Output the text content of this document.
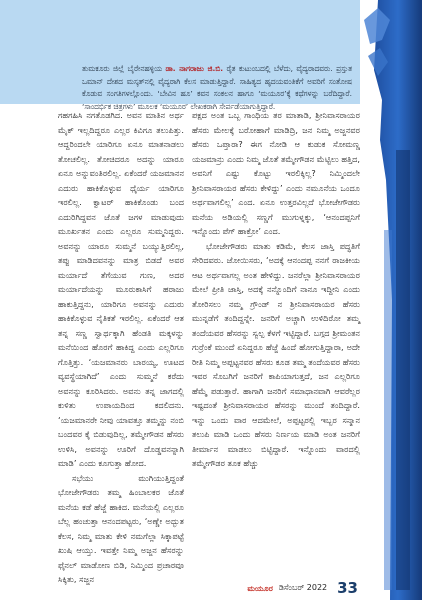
ತುಮಕೂರು ಜಿಲ್ಲೆ ಬೈರೇನಹಳ್ಳಿಯ ಡಾ. ನಾಗರಾಜು ಜಿ.ಬಿ. ರೈತ ಕುಟುಂಬದಲ್ಲಿ ಬೆಳೆದು, ವೈದ್ಯರಾದವರು. ಪ್ರಸ್ತುತ ಒಮಾನ್ ದೇಶದ ಮಸ್ಕತ್‌ನಲ್ಲಿ ವೈದ್ಯರಾಗಿ ಕೆಲಸ ಮಾಡುತ್ತಿದ್ದಾರೆ. ಸಾಹಿತ್ಯದ ಹೃದಯವಂತಿಕೆಗೆ ಅವರಿಗೆ ಸಂತೋಷ ಕೊಡುವ ಸಂಗತಿಗಳಲ್ಲೊಂದು. ‘ಬೇವಿನ ಹೂ’ ಕವನ ಸಂಕಲನ ಹಾಗೂ ‘ಮಯೂರ’ಕ್ಕೆ ಕಥೆಗಳನ್ನು ಬರೆದಿದ್ದಾರೆ. ‘ಸಾಂದರ್ಭಿಕ ಚಿತ್ರಗಳು’ ಮೂಲಕ ‘ಮಯೂರ’ ಲೇಖಕರಾಗಿ ಸೇರ್ಪಡೆಯಾಗುತ್ತಿದ್ದಾರೆ.

ಗಹಗಹಿಸಿ ನಗತೊಡಗಿದ. ಅವನ ಮಾತಿನ ಅರ್ಥ ಮೈಕ್ ಇಲ್ಲದಿದ್ದರೂ ಎಲ್ಲರ ಕಿವಿಗೂ ತಲುಪಿತ್ತು. ಆದ್ದರಿಂದಲೇ ಯಾರಿಗೂ ಏನೂ ಮಾತನಾಡಲು ತೋಚಲಿಲ್ಲ. ತೋಚಿದರೂ ಅದನ್ನು ಯಾರೂ ಏನೂ ಅನ್ನುವಂತಿರಲಿಲ್ಲ. ಏಕೆಂದರೆ ಯಜಮಾನನ ಎದುರು ಹಾಕಿಕೊಳ್ಳುವ ಧೈರ್ಯ ಯಾರಿಗೂ ಇರಲಿಲ್ಲ. ಕ್ವಾಟರ್ ಹಾಕಿಕೊಂಡು ಬಂದ ಎದುರಿಗಿದ್ದವನ ಜೊತೆ ಜಗಳ ಮಾಡುವುದು ಮೂರ್ಖತನ ಎಂದು ಎಲ್ಲರೂ ಸುಮ್ಮನಿದ್ದರು. ಅವನನ್ನು ಯಾರೂ ಸುಮ್ಮನೆ ಬಯ್ಯುತ್ತಿರಲಿಲ್ಲ, ತಪ್ಪು ಮಾಡಿದವನನ್ನು ಮಾತ್ರ ಬಿಡದೆ ಅವರ ಮರ್ಯಾದೆ ತೆಗೆಯುವ ಗುಣ, ಅದರ ಮರ್ಯಾದೆಯನ್ನು ಮೂರುಕಾಸಿಗೆ ಹರಾಜು ಹಾಕುತ್ತಿದ್ದನು, ಯಾರಿಗೂ ಅವನನ್ನು ಎದುರು ಹಾಕಿಕೊಳ್ಳುವ ನೈತಿಕತೆ ಇರಲಿಲ್ಲ. ಏಕೆಂದರೆ ಆತ ತನ್ನ ಸಣ್ಣ ಸ್ವಾರ್ಥಕ್ಕಾಗಿ ಹೆಂಡತಿ ಮಕ್ಕಳನ್ನು ಮನೆಯಿಂದ ಹೊರಗೆ ಹಾಕಿದ್ದ ಎಂದು ಎಲ್ಲರಿಗೂ ಗೊತ್ತಿತ್ತು. ‘ಯಜಮಾನರು ಬಾರಯ್ಯ, ಊಟದ ವ್ಯವಸ್ಥೆಯಾಗಿದೆ’ ಎಂದು ಸುಮ್ಮನೆ ಕರೆದು ಅವನನ್ನು ಕೂರಿಸಿದರು. ಅವನು ತನ್ನ ಜಾಗದಲ್ಲಿ ಕುಳಿತು ಉಪಾಯದಿಂದ ಕದಲಿದನು. ‘ಯಜಮಾನರೇ ನೀವು ಯಾವತ್ತೂ ತಮ್ಮನ್ನು ನಂಬಿ ಬಂದವರ ಕೈ ಬಿಡುವುದಿಲ್ಲ, ತಮ್ಮೇಗೌಡನ ಹೆಸರು ಉಳಿಸಿ, ಅವನನ್ನು ಊರಿಗೆ ದೊಡ್ಡವನನ್ನಾಗಿ ಮಾಡಿ’ ಎಂದು ಕೂಗುತ್ತಾ ಹೋದ.

ಸಭೆಯು ಮುಗಿಯುತ್ತಿದ್ದಂತೆ ಭೋಜೇಗೌಡರು ತಮ್ಮ ಹಿಂಬಾಲಕರ ಜೊತೆ ಮನೆಯ ಕಡೆ ಹೆಜ್ಜೆ ಹಾಕಿದ. ಮನೆಯಲ್ಲಿ ಎಲ್ಲರೂ ಬೆಲ್ಲ ಹಂಚುತ್ತಾ ಆನಂದಪಟ್ಟರು, ‘ಅಣ್ಣೇ ಅದ್ಭುತ ಕೆಲಸ, ನಿಮ್ಮ ಮಾತು ಕೇಳಿ ನಮಗೆಲ್ಲಾ ಸಿಕ್ಕಾಪಟ್ಟೆ ಖುಷಿ ಆಯ್ತು. ಇವತ್ತೇ ನಿಮ್ಮ ಅಜ್ಜನ ಹೆಸರನ್ನು ಫೈನಲ್ ಮಾಡೋಣ ಬಿಡಿ, ನಿಮ್ಮಿಂದ ಪ್ರಚಾರವೂ ಸಿಕ್ಕಿತು, ಸಜ್ಜನ

ಪಕ್ಷದ ಅಂತ ಒಬ್ಬ ಗಾಂಧಿಯ ತರ ಮಾತಾಡಿ, ಶ್ರೀನಿವಾಸರಾಯರ ಹೆಸರು ಮೇಲಕ್ಕೆ ಬರೋಹಾಗೆ ಮಾಡಿದ್ರಿ, ಜನ ನಿಮ್ಮ ಅಜ್ಜನವರ ಹೆಸರು ಒಪ್ತಾರಾ? ಈಗ ನೋಡಿ ಆ ಕುಡುಕ ಸೋಮಣ್ಣ ಯಜಮಾನ್ರು ಎಂದು ನಿಮ್ಮ ಜೊತೆ ತಮ್ಮೇಗೌಡನ ಮೆಟ್ಟಿಲು ಹತ್ತಿದ, ಅವನಿಗೆ ಎಷ್ಟು ಕೊಟ್ಟು ಇರಲಿಕ್ಕಿಲ್ಲ? ನಿಮ್ಮಿಂದಲೇ ಶ್ರೀನಿವಾಸರಾಯರ ಹೆಸರು ಕೇಳಿದ್ದು’ ಎಂದು ನಮೂನೆಯ ಒಂದೂ ಅರ್ಥವಾಗಲಿಲ್ಲ’ ಎಂದ. ಏನೂ ಉತ್ತರವಿಲ್ಲದೆ ಭೋಜೇಗೌಡರು ಮನೆಯ ಅಡಿಯಲ್ಲಿ ಸಣ್ಣಗೆ ಮುಗುಳ್ನಕ್ಕು, ‘ಆನಂದಪ್ಪನಿಗೆ ಇನ್ನೊಂದು ಪೆಗ್ ಹಾಕ್ರೋ’ ಎಂದ.

ಭೋಜೇಗೌಡರು ಮಾತು ಕಡಿಮೆ, ಕೆಲಸ ಜಾಸ್ತಿ ಪದ್ಧತಿಗೆ ಸೇರಿದವರು. ಜೋಯಿಸರು, ‘ಅದಕ್ಕೆ ಆನಂದಪ್ಪ ನನಗೆ ರಾಜಕೀಯ ಆಟ ಅರ್ಥವಾಗಲ್ಲ ಅಂತ ಹೇಳಿದ್ದು. ಜನರೆಲ್ಲಾ ಶ್ರೀನಿವಾಸರಾಯರ ಮೇಲೆ ಪ್ರೀತಿ ಜಾಸ್ತಿ, ಅದಕ್ಕೆ ನನ್ನೊಂದಿಗೆ ನಾನೂ ಇದ್ದೀನಿ ಎಂದು ತೋರಿಸಲು ನಮ್ಮ ಗ್ರೌಂಡ್ ನ ಶ್ರೀನಿವಾಸರಾಯರ ಹೆಸರು ಮುನ್ನಡೆಗೆ ತಂದಿದ್ದನ್ನೇ. ಜನರಿಗೆ ಅಚ್ಚಾಗಿ ಉಳಿದಿರೋ ತಮ್ಮ ತಂದೆಯವರ ಹೆಸರನ್ನು ಸ್ವಲ್ಪ ಕೆಳಗೆ ಇಟ್ಟಿದ್ದಾರೆ. ಬಗ್ಗದ ಶ್ರೀಮಂತನ ಗುರ್ರೆಂಕೆ ಮುಂದೆ ಏನಿದ್ದರೂ ಹೆಜ್ಜೆ ಹಿಂದೆ ಹೋಗುತ್ತಿದ್ದಾರಾ, ಅದೇ ರೀತಿ ನಿಮ್ಮ ಅಪ್ಪಟ್ಟನವರ ಹೆಸರು ಕೂಡ ತಮ್ಮ ತಂದೆಯವರ ಹೆಸರು ಇವರ ಸೊಬಗಿಗೆ ಜನರಿಗೆ ಕಾಪಿಯಾಗುತ್ತದೆ, ಜನ ಎಲ್ಲರಿಗೂ ಹೆಮ್ಮೆ ಪಡುತ್ತಾರೆ. ಹಾಗಾಗಿ ಜನರಿಗೆ ಸಮಾಧಾನವಾಗಿ ಆವರೆಲ್ಲರ ಇಷ್ಟದಂತೆ ಶ್ರೀನಿವಾಸರಾಯರ ಹೆಸರನ್ನು ಮುಂದೆ ತಂದಿದ್ದಾರೆ. ಇನ್ನು ಒಂದು ವಾರ ಆದಮೇಲೆ, ಅಪ್ಪಟ್ಟರಲ್ಲಿ ಇಬ್ಬರ ಸನ್ಮಾನ ತಲುಪಿ ಮಾಡಿ ಒಂದು ಹೆಸರು ನಿರ್ಣಯ ಮಾಡಿ ಅಂತ ಜನರಿಗೆ ತೀರ್ಮಾನ ಮಾಡಲು ಬಿಟ್ಟಿದ್ದಾರೆ. ಇನ್ನೊಂದು ವಾರದಲ್ಲಿ ತಮ್ಮೇಗೌಡರ ತೂಕ ಹೆಚ್ಚು

ಮಯೂರ ಡಿಸೆಂಬರ್ 2022 33
